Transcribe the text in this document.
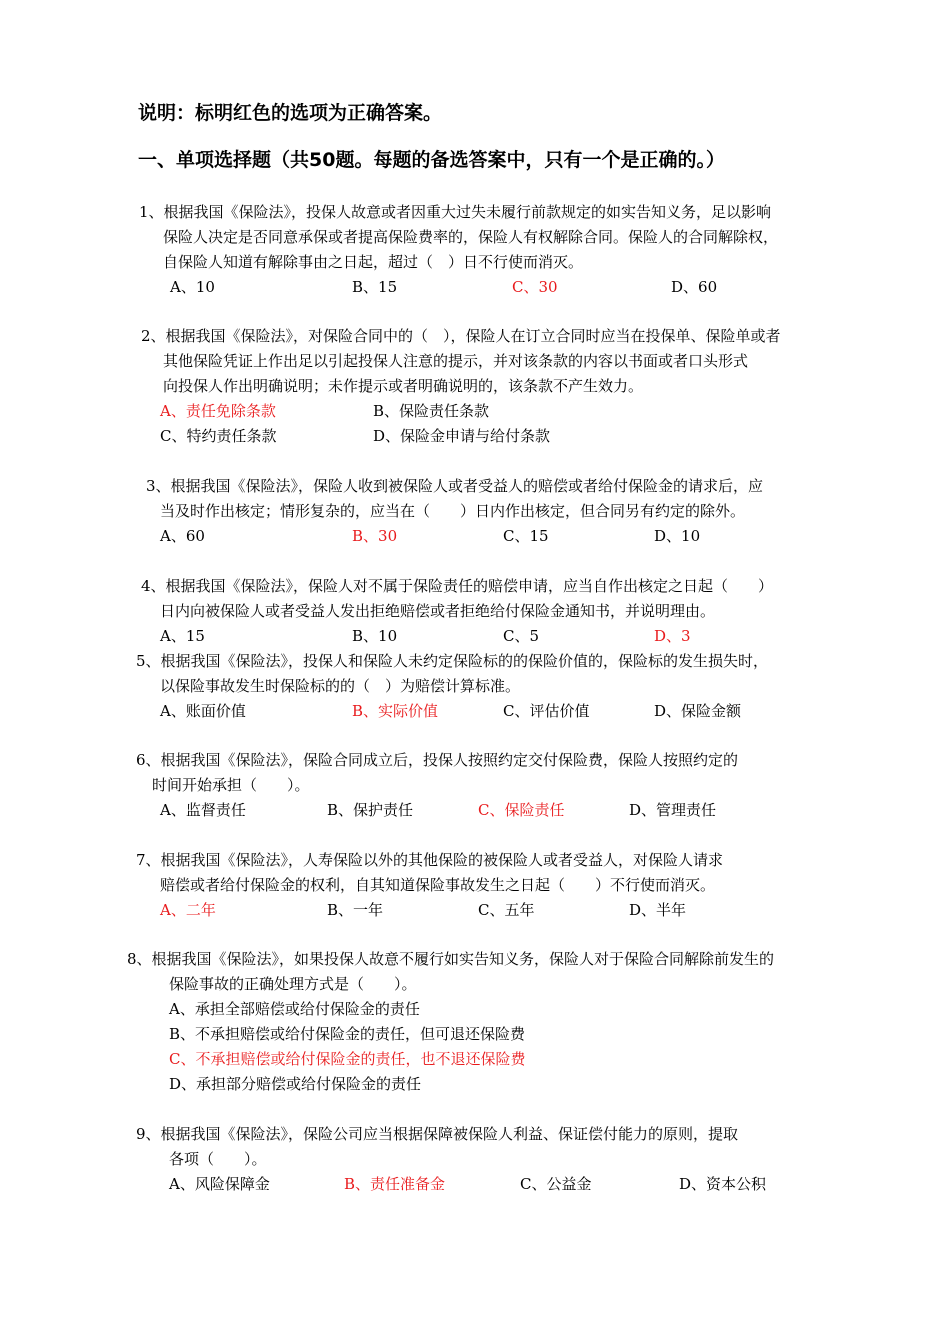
说明：标明红色的选项为正确答案。
一、单项选择题（共50题。每题的备选答案中，只有一个是正确的。）
1、根据我国《保险法》，投保人故意或者因重大过失未履行前款规定的如实告知义务，足以影响
保险人决定是否同意承保或者提高保险费率的，保险人有权解除合同。保险人的合同解除权，
自保险人知道有解除事由之日起，超过（　）日不行使而消灭。
A、10	B、15	C、30	D、60
2、根据我国《保险法》，对保险合同中的（　），保险人在订立合同时应当在投保单、保险单或者
其他保险凭证上作出足以引起投保人注意的提示，并对该条款的内容以书面或者口头形式
向投保人作出明确说明；未作提示或者明确说明的，该条款不产生效力。
A、责任免除条款	B、保险责任条款
C、特约责任条款	D、保险金申请与给付条款
3、根据我国《保险法》，保险人收到被保险人或者受益人的赔偿或者给付保险金的请求后，应
当及时作出核定；情形复杂的，应当在（　　）日内作出核定，但合同另有约定的除外。
A、60	B、30	C、15	D、10
4、根据我国《保险法》，保险人对不属于保险责任的赔偿申请，应当自作出核定之日起（　　）
日内向被保险人或者受益人发出拒绝赔偿或者拒绝给付保险金通知书，并说明理由。
A、15	B、10	C、5	D、3
5、根据我国《保险法》，投保人和保险人未约定保险标的的保险价值的，保险标的发生损失时，
以保险事故发生时保险标的的（　）为赔偿计算标准。
A、账面价值	B、实际价值	C、评估价值	D、保险金额
6、根据我国《保险法》，保险合同成立后，投保人按照约定交付保险费，保险人按照约定的
时间开始承担（　　）。
A、监督责任	B、保护责任	C、保险责任	D、管理责任
7、根据我国《保险法》，人寿保险以外的其他保险的被保险人或者受益人，对保险人请求
赔偿或者给付保险金的权利，自其知道保险事故发生之日起（　　）不行使而消灭。
A、二年	B、一年	C、五年	D、半年
8、根据我国《保险法》，如果投保人故意不履行如实告知义务，保险人对于保险合同解除前发生的
保险事故的正确处理方式是（　　）。
A、承担全部赔偿或给付保险金的责任
B、不承担赔偿或给付保险金的责任，但可退还保险费
C、不承担赔偿或给付保险金的责任，也不退还保险费
D、承担部分赔偿或给付保险金的责任
9、根据我国《保险法》，保险公司应当根据保障被保险人利益、保证偿付能力的原则，提取
各项（　　）。
A、风险保障金	B、责任准备金	C、公益金	D、资本公积
